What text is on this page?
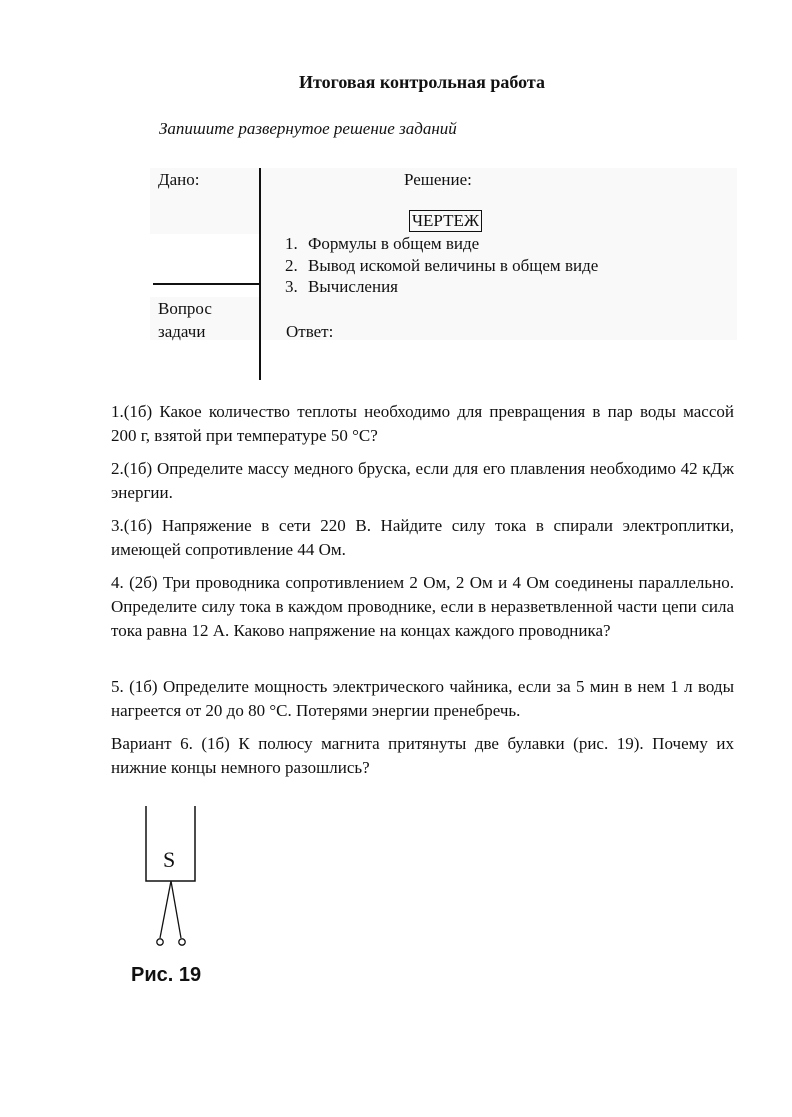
Итоговая контрольная работа
Запишите развернутое решение заданий
Дано:	Решение:
ЧЕРТЕЖ
1. Формулы в общем виде
2. Вывод искомой величины в общем виде
3. Вычисления
Вопрос
задачи	Ответ:
1.(1б) Какое количество теплоты необходимо для превращения в пар воды массой 200 г, взятой при температуре 50 °С?
2.(1б) Определите массу медного бруска, если для его плавления необходимо 42 кДж энергии.
3.(1б) Напряжение в сети 220 В. Найдите силу тока в спирали электроплитки, имеющей сопротивление 44 Ом.
4. (2б) Три проводника сопротивлением 2 Ом, 2 Ом и 4 Ом соединены параллельно. Определите силу тока в каждом проводнике, если в неразветвленной части цепи сила тока равна 12 А. Каково напряжение на концах каждого проводника?
5. (1б) Определите мощность электрического чайника, если за 5 мин в нем 1 л воды нагреется от 20 до 80 °С. Потерями энергии пренебречь.
Вариант 6. (1б) К полюсу магнита притянуты две булавки (рис. 19). Почему их нижние концы немного разошлись?
S
Рис. 19
